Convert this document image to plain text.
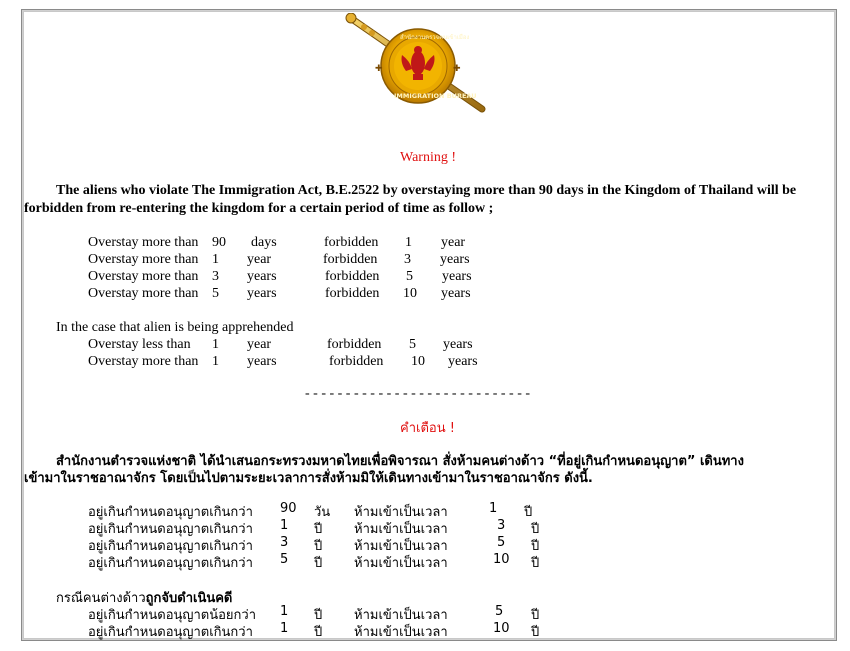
✚	✚
สำนักงานตรวจคนเข้าเมือง
IMMIGRATION BUREAU
Warning !
The aliens who violate The Immigration Act, B.E.2522 by overstaying more than 90 days in the Kingdom of Thailand will be
forbidden from re-entering the kingdom for a certain period of time as follow ;
Overstay more than 90 days	forbidden 1 year
Overstay more than 1 year	forbidden 3 years
Overstay more than 3 years	forbidden 5 years
Overstay more than 5 years	forbidden 10 years
In the case that alien is being apprehended
Overstay less than 1 year	forbidden 5 years
Overstay more than 1 years	forbidden 10 years
- - - - - - - - - - - - - - - - - - - - - - - - - - - -
คำเตือน !
สำนักงานตำรวจแห่งชาติ ได้นำเสนอกระทรวงมหาดไทยเพื่อพิจารณา สั่งห้ามคนต่างด้าว “ที่อยู่เกินกำหนดอนุญาต” เดินทาง
เข้ามาในราชอาณาจักร โดยเป็นไปตามระยะเวลาการสั่งห้ามมิให้เดินทางเข้ามาในราชอาณาจักร ดังนี้.
อยู่เกินกำหนดอนุญาตเกินกว่า 90 วัน ห้ามเข้าเป็นเวลา	1 ปี
อยู่เกินกำหนดอนุญาตเกินกว่า 1 ปี ห้ามเข้าเป็นเวลา	3 ปี
อยู่เกินกำหนดอนุญาตเกินกว่า 3 ปี ห้ามเข้าเป็นเวลา	5 ปี
อยู่เกินกำหนดอนุญาตเกินกว่า 5 ปี ห้ามเข้าเป็นเวลา	10 ปี
กรณีคนต่างด้าวถูกจับดำเนินคดี
อยู่เกินกำหนดอนุญาตน้อยกว่า 1 ปี ห้ามเข้าเป็นเวลา	5 ปี
อยู่เกินกำหนดอนุญาตเกินกว่า 1 ปี ห้ามเข้าเป็นเวลา	10 ปี
